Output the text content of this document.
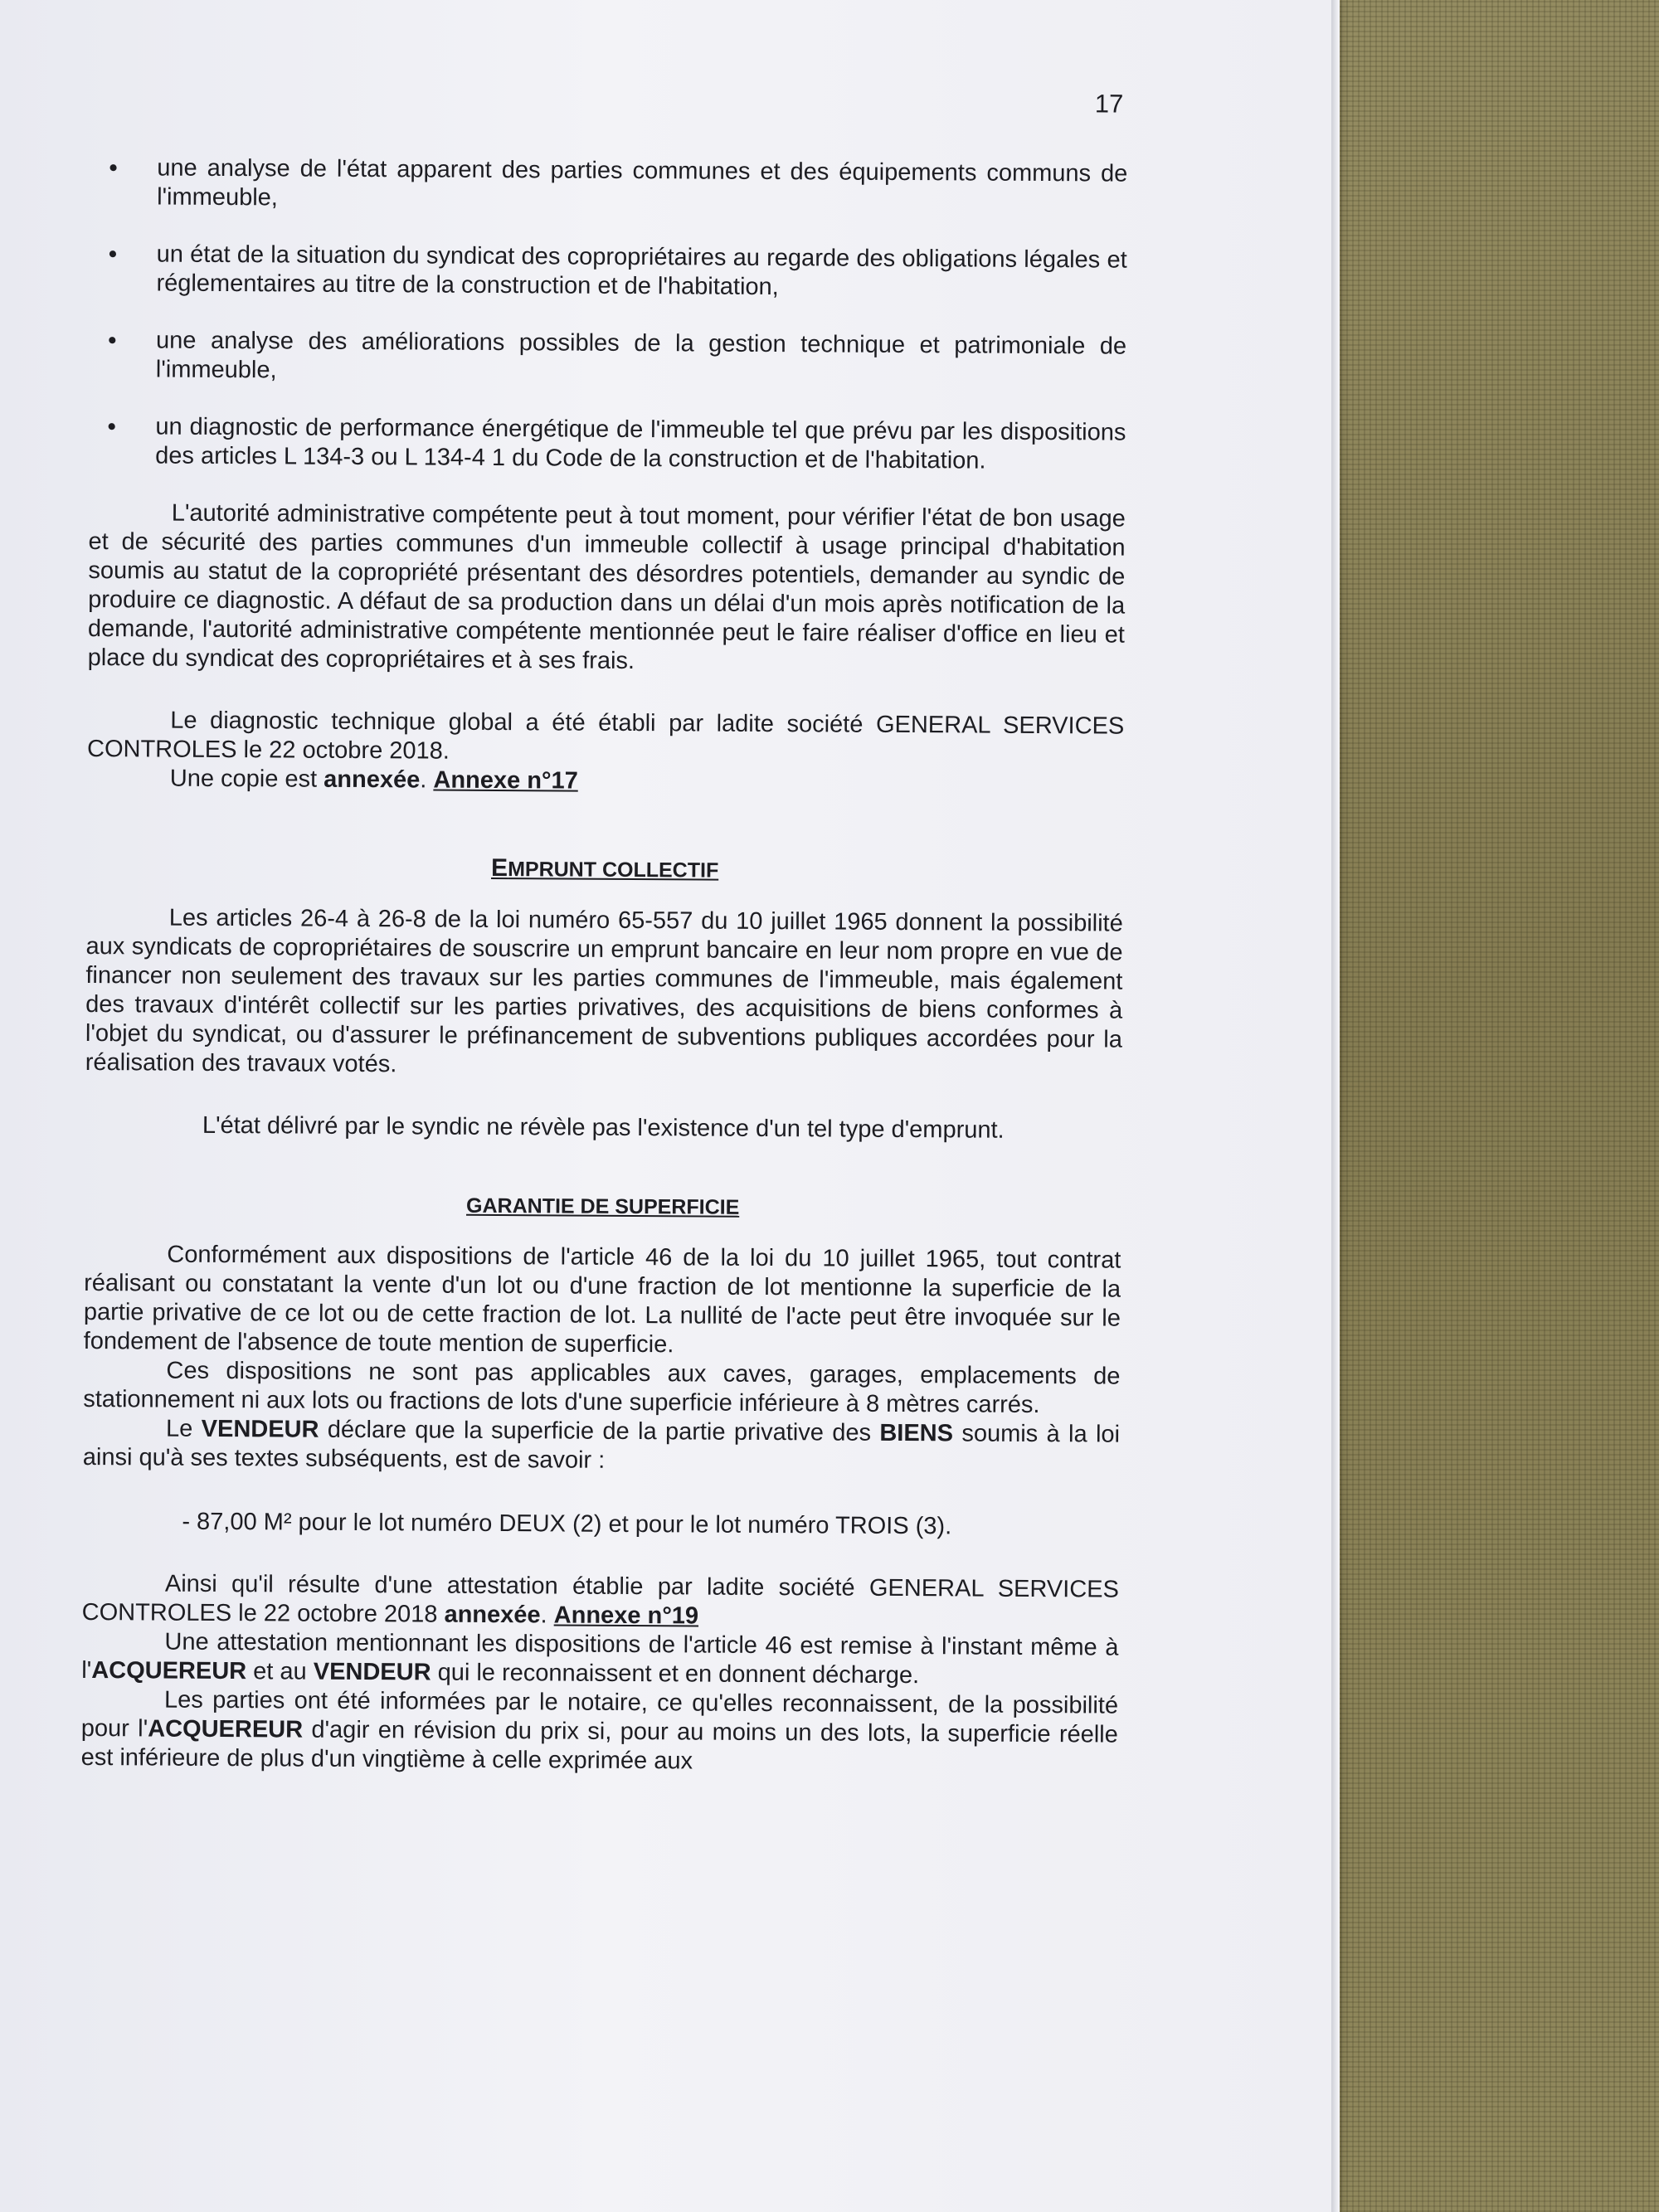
17

• une analyse de l'état apparent des parties communes et des équipements communs de l'immeuble,
• un état de la situation du syndicat des copropriétaires au regarde des obligations légales et réglementaires au titre de la construction et de l'habitation,
• une analyse des améliorations possibles de la gestion technique et patrimoniale de l'immeuble,
• un diagnostic de performance énergétique de l'immeuble tel que prévu par les dispositions des articles L 134-3 ou L 134-4 1 du Code de la construction et de l'habitation.

L'autorité administrative compétente peut à tout moment, pour vérifier l'état de bon usage et de sécurité des parties communes d'un immeuble collectif à usage principal d'habitation soumis au statut de la copropriété présentant des désordres potentiels, demander au syndic de produire ce diagnostic. A défaut de sa production dans un délai d'un mois après notification de la demande, l'autorité administrative compétente mentionnée peut le faire réaliser d'office en lieu et place du syndicat des copropriétaires et à ses frais.

Le diagnostic technique global a été établi par ladite société GENERAL SERVICES CONTROLES le 22 octobre 2018.

Une copie est annexée. Annexe n°17

EMPRUNT COLLECTIF

Les articles 26-4 à 26-8 de la loi numéro 65-557 du 10 juillet 1965 donnent la possibilité aux syndicats de copropriétaires de souscrire un emprunt bancaire en leur nom propre en vue de financer non seulement des travaux sur les parties communes de l'immeuble, mais également des travaux d'intérêt collectif sur les parties privatives, des acquisitions de biens conformes à l'objet du syndicat, ou d'assurer le préfinancement de subventions publiques accordées pour la réalisation des travaux votés.

L'état délivré par le syndic ne révèle pas l'existence d'un tel type d'emprunt.

GARANTIE DE SUPERFICIE

Conformément aux dispositions de l'article 46 de la loi du 10 juillet 1965, tout contrat réalisant ou constatant la vente d'un lot ou d'une fraction de lot mentionne la superficie de la partie privative de ce lot ou de cette fraction de lot. La nullité de l'acte peut être invoquée sur le fondement de l'absence de toute mention de superficie.

Ces dispositions ne sont pas applicables aux caves, garages, emplacements de stationnement ni aux lots ou fractions de lots d'une superficie inférieure à 8 mètres carrés.

Le VENDEUR déclare que la superficie de la partie privative des BIENS soumis à la loi ainsi qu'à ses textes subséquents, est de savoir :

- 87,00 M² pour le lot numéro DEUX (2) et pour le lot numéro TROIS (3).

Ainsi qu'il résulte d'une attestation établie par ladite société GENERAL SERVICES CONTROLES le 22 octobre 2018 annexée. Annexe n°19

Une attestation mentionnant les dispositions de l'article 46 est remise à l'instant même à l'ACQUEREUR et au VENDEUR qui le reconnaissent et en donnent décharge.

Les parties ont été informées par le notaire, ce qu'elles reconnaissent, de la possibilité pour l'ACQUEREUR d'agir en révision du prix si, pour au moins un des lots, la superficie réelle est inférieure de plus d'un vingtième à celle exprimée aux
